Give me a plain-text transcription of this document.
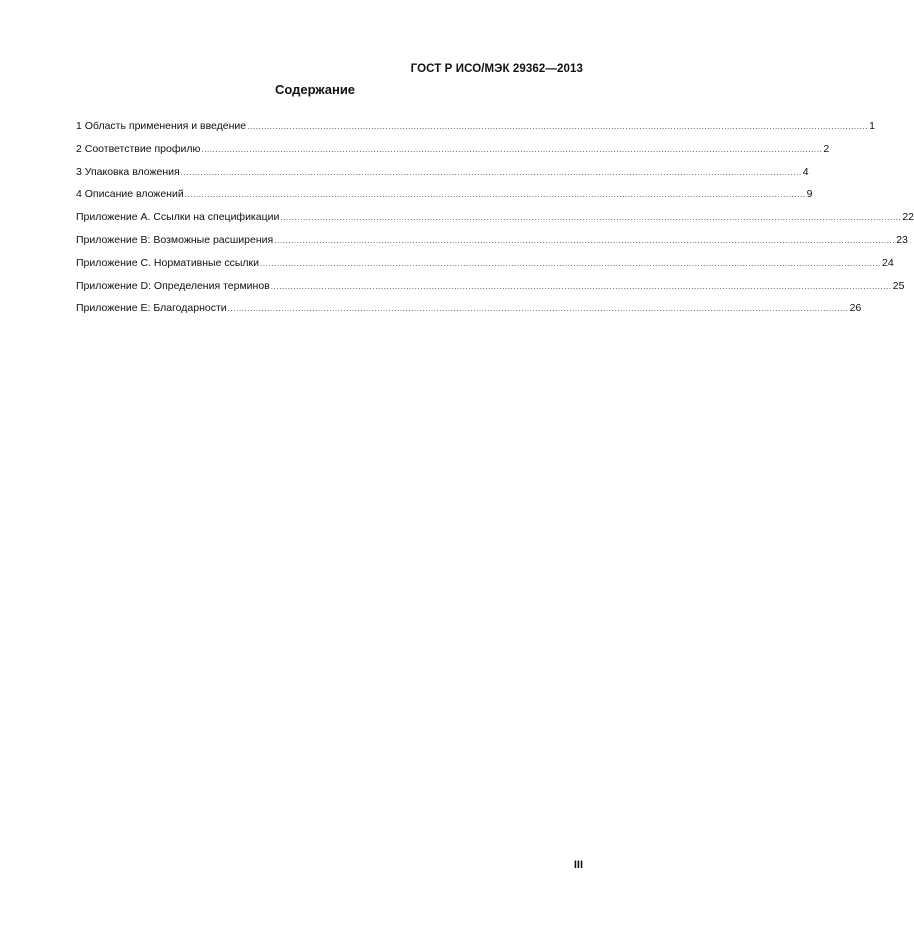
ГОСТ Р ИСО/МЭК 29362—2013
Содержание
1 Область применения и введение ............................................................................................................................................................................................................................ 1
2 Соответствие профилю ............................................................................................................................................................................................................................ 2
3 Упаковка вложения ............................................................................................................................................................................................................................ 4
4 Описание вложений ............................................................................................................................................................................................................................ 9
Приложение А. Ссылки на спецификации ............................................................................................................................................................................................................................ 22
Приложение В: Возможные расширения ............................................................................................................................................................................................................................ 23
Приложение С. Нормативные ссылки ............................................................................................................................................................................................................................ 24
Приложение D: Определения терминов ............................................................................................................................................................................................................................ 25
Приложение Е: Благодарности ............................................................................................................................................................................................................................ 26
III
